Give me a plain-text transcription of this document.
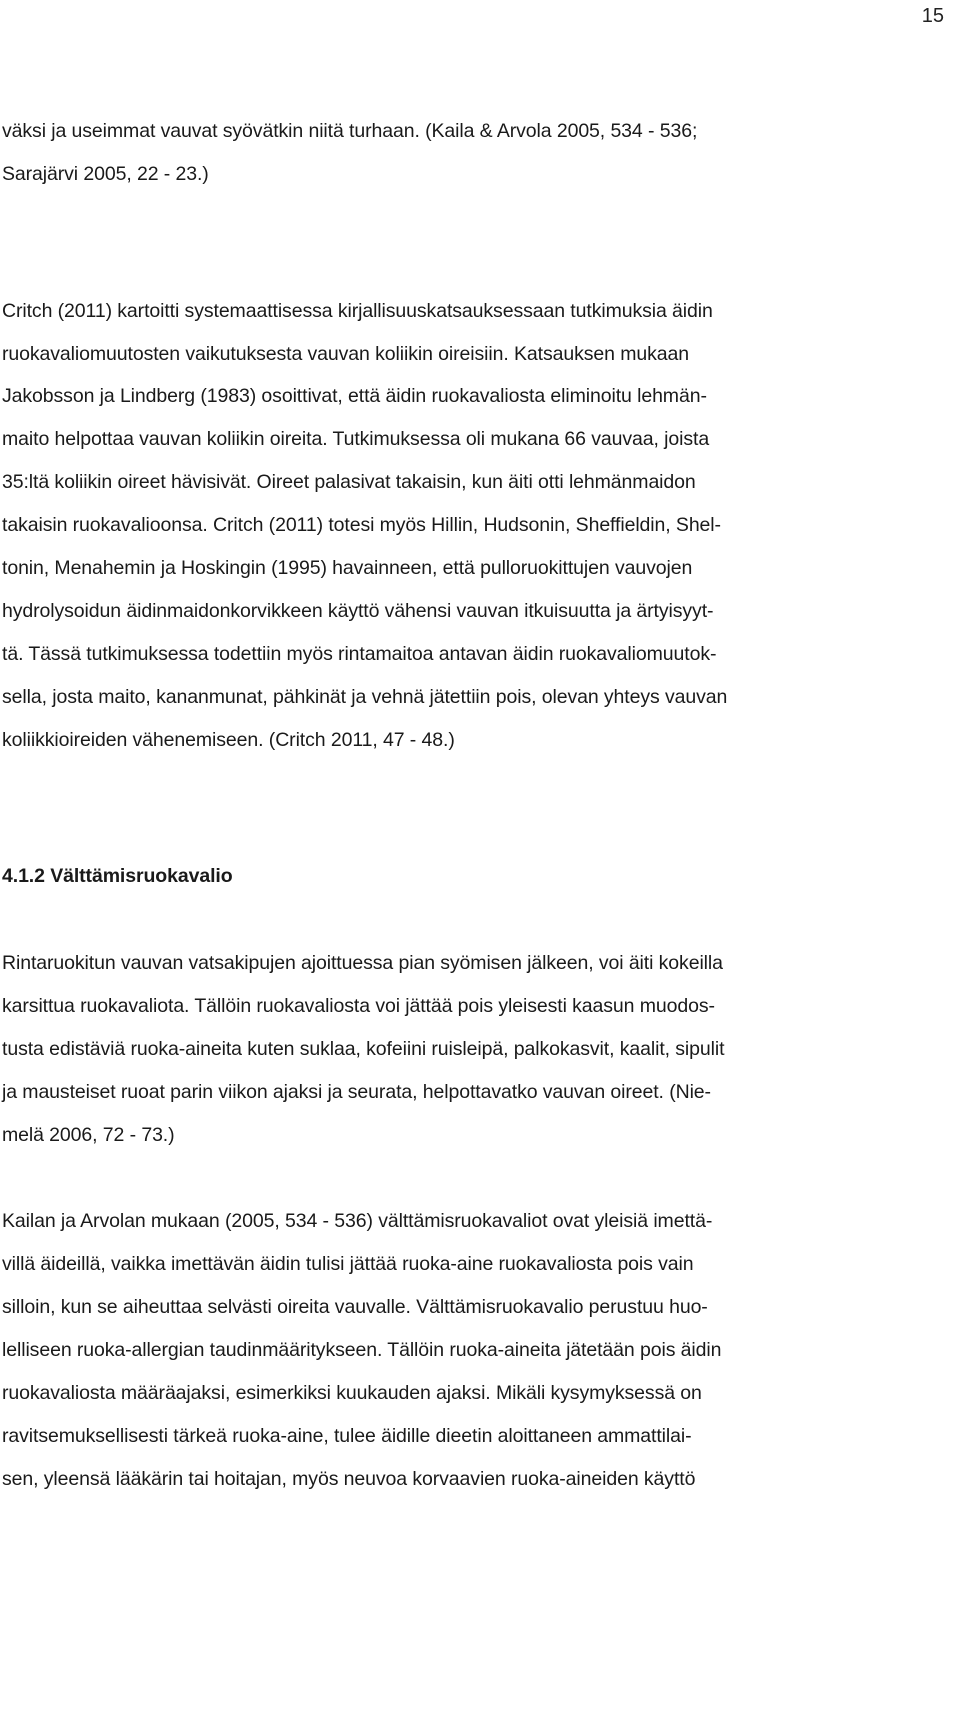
15
väksi ja useimmat vauvat syövätkin niitä turhaan. (Kaila & Arvola 2005, 534 - 536;
Sarajärvi 2005, 22 - 23.)
Critch (2011) kartoitti systemaattisessa kirjallisuuskatsauksessaan tutkimuksia äidin
ruokavaliomuutosten vaikutuksesta vauvan koliikin oireisiin. Katsauksen mukaan
Jakobsson ja Lindberg (1983) osoittivat, että äidin ruokavaliosta eliminoitu lehmän-
maito helpottaa vauvan koliikin oireita. Tutkimuksessa oli mukana 66 vauvaa, joista
35:ltä koliikin oireet hävisivät. Oireet palasivat takaisin, kun äiti otti lehmänmaidon
takaisin ruokavalioonsa. Critch (2011) totesi myös Hillin, Hudsonin, Sheffieldin, Shel-
tonin, Menahemin ja Hoskingin (1995) havainneen, että pulloruokittujen vauvojen
hydrolysoidun äidinmaidonkorvikkeen käyttö vähensi vauvan itkuisuutta ja ärtyisyyt-
tä. Tässä tutkimuksessa todettiin myös rintamaitoa antavan äidin ruokavaliomuutok-
sella, josta maito, kananmunat, pähkinät ja vehnä jätettiin pois, olevan yhteys vauvan
koliikkioireiden vähenemiseen. (Critch 2011, 47 - 48.)
4.1.2 Välttämisruokavalio
Rintaruokitun vauvan vatsakipujen ajoittuessa pian syömisen jälkeen, voi äiti kokeilla
karsittua ruokavaliota. Tällöin ruokavaliosta voi jättää pois yleisesti kaasun muodos-
tusta edistäviä ruoka-aineita kuten suklaa, kofeiini ruisleipä, palkokasvit, kaalit, sipulit
ja mausteiset ruoat parin viikon ajaksi ja seurata, helpottavatko vauvan oireet. (Nie-
melä 2006, 72 - 73.)
Kailan ja Arvolan mukaan (2005, 534 - 536) välttämisruokavaliot ovat yleisiä imettä-
villä äideillä, vaikka imettävän äidin tulisi jättää ruoka-aine ruokavaliosta pois vain
silloin, kun se aiheuttaa selvästi oireita vauvalle. Välttämisruokavalio perustuu huo-
lelliseen ruoka-allergian taudinmääritykseen. Tällöin ruoka-aineita jätetään pois äidin
ruokavaliosta määräajaksi, esimerkiksi kuukauden ajaksi. Mikäli kysymyksessä on
ravitsemuksellisesti tärkeä ruoka-aine, tulee äidille dieetin aloittaneen ammattilai-
sen, yleensä lääkärin tai hoitajan, myös neuvoa korvaavien ruoka-aineiden käyttö
